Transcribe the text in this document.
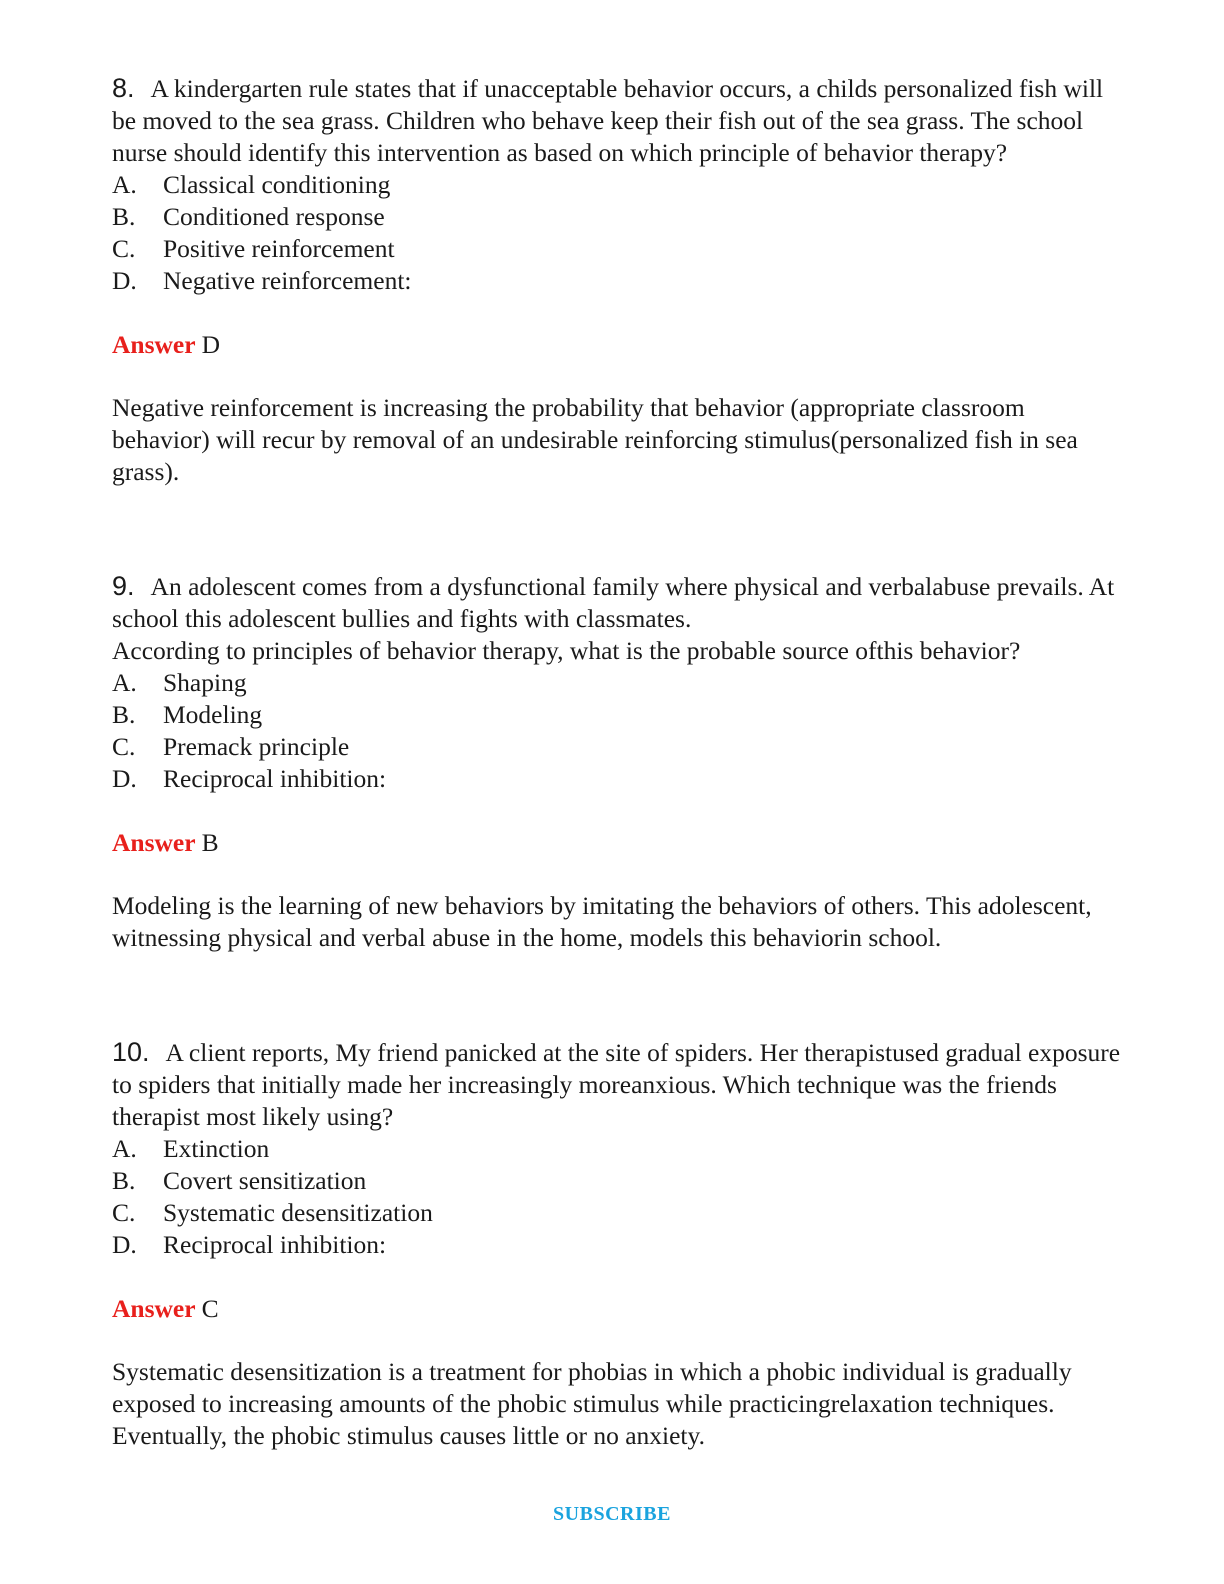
8. A kindergarten rule states that if unacceptable behavior occurs, a childs personalized fish will be moved to the sea grass. Children who behave keep their fish out of the sea grass. The school nurse should identify this intervention as based on which principle of behavior therapy?

A.	Classical conditioning
B.	Conditioned response
C.	Positive reinforcement
D.	Negative reinforcement:

Answer D

Negative reinforcement is increasing the probability that behavior (appropriate classroom behavior) will recur by removal of an undesirable reinforcing stimulus(personalized fish in sea grass).

9. An adolescent comes from a dysfunctional family where physical and verbalabuse prevails. At school this adolescent bullies and fights with classmates.

According to principles of behavior therapy, what is the probable source ofthis behavior?

A.	Shaping
B.	Modeling
C.	Premack principle
D.	Reciprocal inhibition:

Answer B

Modeling is the learning of new behaviors by imitating the behaviors of others. This adolescent, witnessing physical and verbal abuse in the home, models this behaviorin school.

10. A client reports, My friend panicked at the site of spiders. Her therapistused gradual exposure to spiders that initially made her increasingly moreanxious. Which technique was the friends therapist most likely using?

A.	Extinction
B.	Covert sensitization
C.	Systematic desensitization
D.	Reciprocal inhibition:

Answer C

Systematic desensitization is a treatment for phobias in which a phobic individual is gradually exposed to increasing amounts of the phobic stimulus while practicingrelaxation techniques. Eventually, the phobic stimulus causes little or no anxiety.

SUBSCRIBE
